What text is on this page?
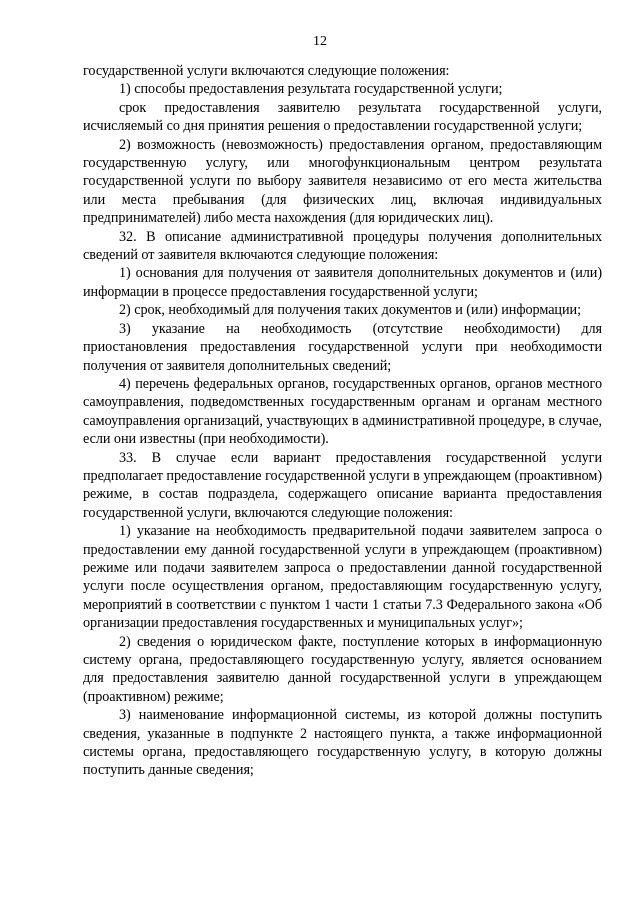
12

государственной услуги включаются следующие положения:

1) способы предоставления результата государственной услуги;

срок предоставления заявителю результата государственной услуги, исчисляемый со дня принятия решения о предоставлении государственной услуги;

2) возможность (невозможность) предоставления органом, предоставляющим государственную услугу, или многофункциональным центром результата государственной услуги по выбору заявителя независимо от его места жительства или места пребывания (для физических лиц, включая индивидуальных предпринимателей) либо места нахождения (для юридических лиц).

32. В описание административной процедуры получения дополнительных сведений от заявителя включаются следующие положения:

1) основания для получения от заявителя дополнительных документов и (или) информации в процессе предоставления государственной услуги;

2) срок, необходимый для получения таких документов и (или) информации;

3) указание на необходимость (отсутствие необходимости) для приостановления предоставления государственной услуги при необходимости получения от заявителя дополнительных сведений;

4) перечень федеральных органов, государственных органов, органов местного самоуправления, подведомственных государственным органам и органам местного самоуправления организаций, участвующих в административной процедуре, в случае, если они известны (при необходимости).

33. В случае если вариант предоставления государственной услуги предполагает предоставление государственной услуги в упреждающем (проактивном) режиме, в состав подраздела, содержащего описание варианта предоставления государственной услуги, включаются следующие положения:

1) указание на необходимость предварительной подачи заявителем запроса о предоставлении ему данной государственной услуги в упреждающем (проактивном) режиме или подачи заявителем запроса о предоставлении данной государственной услуги после осуществления органом, предоставляющим государственную услугу, мероприятий в соответствии с пунктом 1 части 1 статьи 7.3 Федерального закона «Об организации предоставления государственных и муниципальных услуг»;

2) сведения о юридическом факте, поступление которых в информационную систему органа, предоставляющего государственную услугу, является основанием для предоставления заявителю данной государственной услуги в упреждающем (проактивном) режиме;

3) наименование информационной системы, из которой должны поступить сведения, указанные в подпункте 2 настоящего пункта, а также информационной системы органа, предоставляющего государственную услугу, в которую должны поступить данные сведения;
